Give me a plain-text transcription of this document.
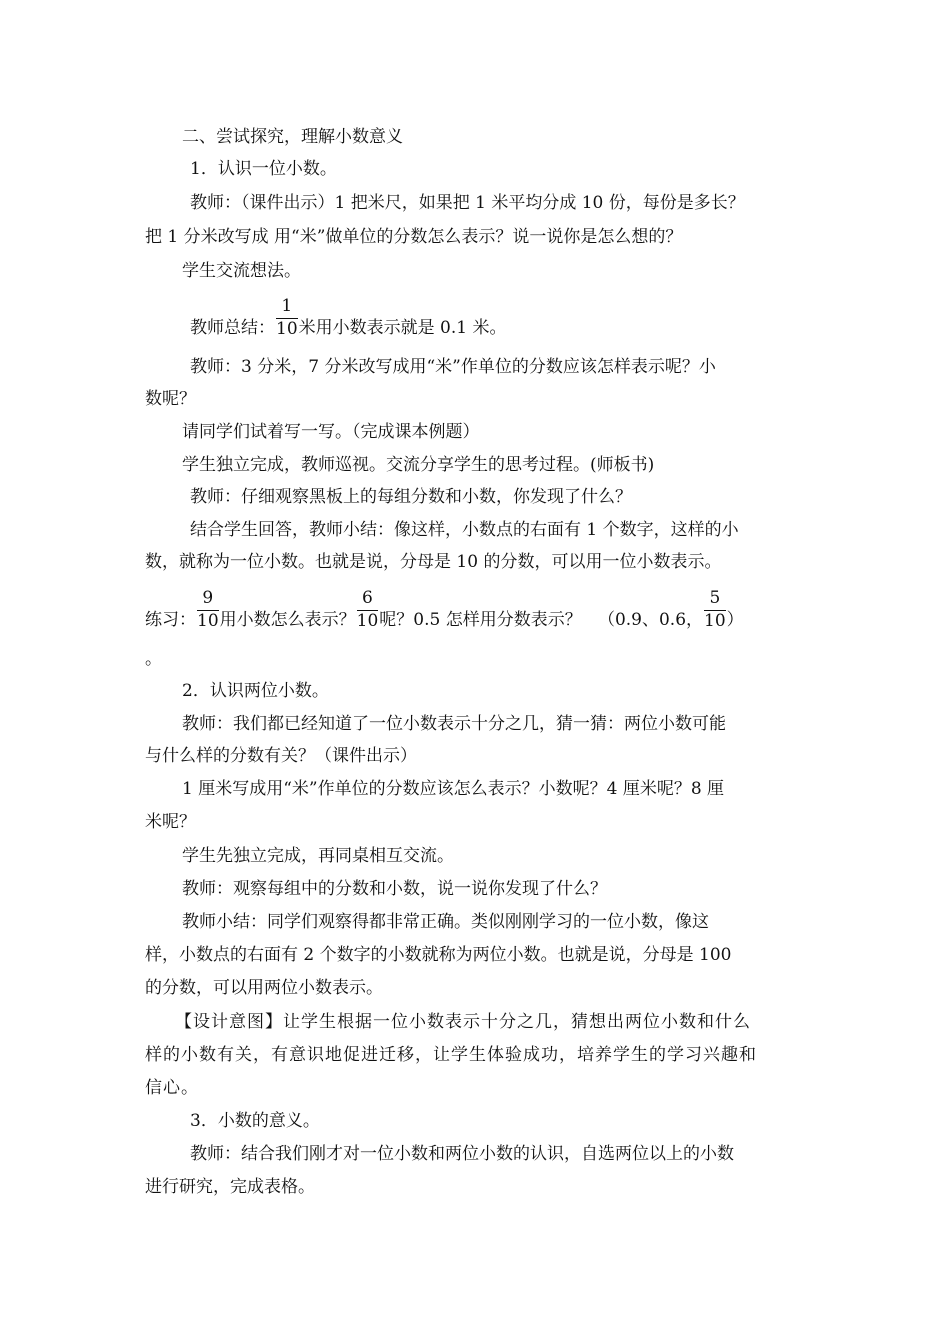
二、尝试探究，理解小数意义
1．认识一位小数。
教师：（课件出示）1 把米尺，如果把 1 米平均分成 10 份，每份是多长？
把 1 分米改写成 用“米”做单位的分数怎么表示？说一说你是怎么想的？
学生交流想法。
教师总结： $\frac{1}{10}$ 米用小数表示就是 0.1 米。
教师：3 分米，7 分米改写成用“米”作单位的分数应该怎样表示呢？小
数呢？
请同学们试着写一写。（完成课本例题）
学生独立完成，教师巡视。交流分享学生的思考过程。(师板书)
教师：仔细观察黑板上的每组分数和小数，你发现了什么？
结合学生回答，教师小结：像这样，小数点的右面有 1 个数字，这样的小
数，就称为一位小数。也就是说，分母是 10 的分数，可以用一位小数表示。
练习： $\frac{9}{10}$ 用小数怎么表示？ $\frac{6}{10}$ 呢？0.5 怎样用分数表示？ （0.9、0.6， $\frac{5}{10}$ ）
。
2．认识两位小数。
教师：我们都已经知道了一位小数表示十分之几，猜一猜：两位小数可能
与什么样的分数有关？（课件出示）
1 厘米写成用“米”作单位的分数应该怎么表示？小数呢？4 厘米呢？8 厘
米呢？
学生先独立完成，再同桌相互交流。
教师：观察每组中的分数和小数，说一说你发现了什么？
教师小结：同学们观察得都非常正确。类似刚刚学习的一位小数，像这
样，小数点的右面有 2 个数字的小数就称为两位小数。也就是说，分母是 100
的分数，可以用两位小数表示。
【设计意图】让学生根据一位小数表示十分之几，猜想出两位小数和什么
样的小数有关，有意识地促进迁移，让学生体验成功，培养学生的学习兴趣和
信心。
3．小数的意义。
教师：结合我们刚才对一位小数和两位小数的认识，自选两位以上的小数
进行研究，完成表格。
